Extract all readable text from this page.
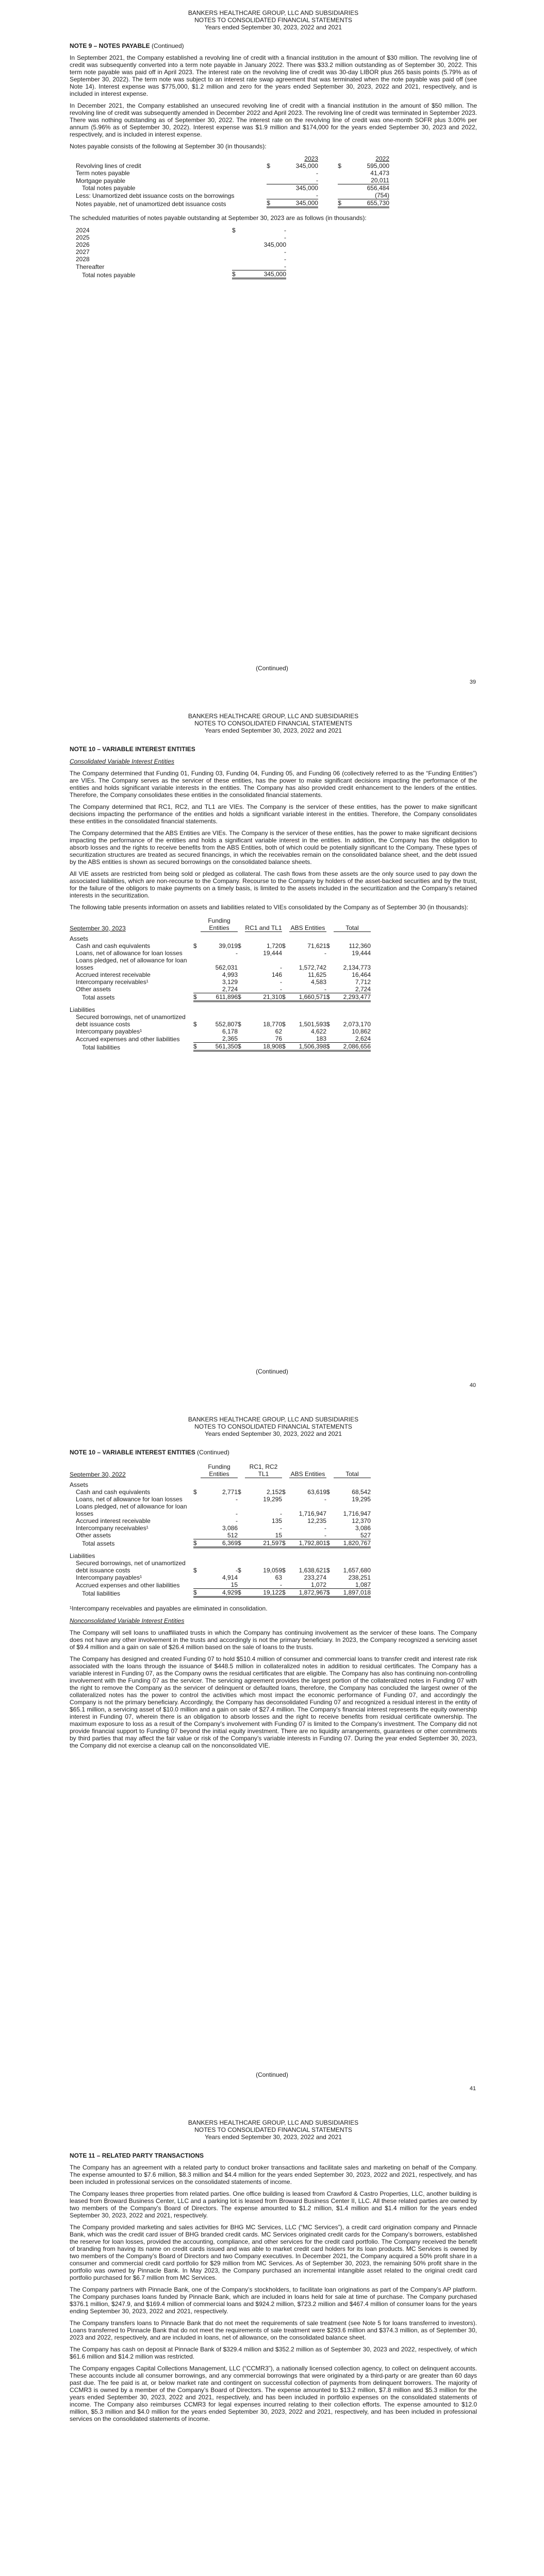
BANKERS HEALTHCARE GROUP, LLC AND SUBSIDIARIES
NOTES TO CONSOLIDATED FINANCIAL STATEMENTS
Years ended September 30, 2023, 2022 and 2021
NOTE 9 – NOTES PAYABLE (Continued)

In September 2021, the Company established a revolving line of credit with a financial institution in the amount of $30 million. The revolving line of credit was subsequently converted into a term note payable in January 2022. There was $33.2 million outstanding as of September 30, 2022. This term note payable was paid off in April 2023. The interest rate on the revolving line of credit was 30-day LIBOR plus 265 basis points (5.79% as of September 30, 2022). The term note was subject to an interest rate swap agreement that was terminated when the note payable was paid off (see Note 14). Interest expense was $775,000, $1.2 million and zero for the years ended September 30, 2023, 2022 and 2021, respectively, and is included in interest expense.

In December 2021, the Company established an unsecured revolving line of credit with a financial institution in the amount of $50 million. The revolving line of credit was subsequently amended in December 2022 and April 2023. The revolving line of credit was terminated in September 2023. There was nothing outstanding as of September 30, 2022. The interest rate on the revolving line of credit was one-month SOFR plus 3.00% per annum (5.96% as of September 30, 2022). Interest expense was $1.9 million and $174,000 for the years ended September 30, 2023 and 2022, respectively, and is included in interest expense.

Notes payable consists of the following at September 30 (in thousands):

		2023			2022
Revolving lines of credit	$	345,000		$	595,000
Term notes payable		-			41,473
Mortgage payable		-			20,011
Total notes payable		345,000			656,484
Less: Unamortized debt issuance costs on the borrowings		-			(754)
Notes payable, net of unamortized debt issuance costs	$	345,000		$	655,730

The scheduled maturities of notes payable outstanding at September 30, 2023 are as follows (in thousands):

2024	$	-
2025		-
2026		345,000
2027		-
2028		-
Thereafter		-
Total notes payable	$	345,000
(Continued)
39
BANKERS HEALTHCARE GROUP, LLC AND SUBSIDIARIES
NOTES TO CONSOLIDATED FINANCIAL STATEMENTS
Years ended September 30, 2023, 2022 and 2021
NOTE 10 – VARIABLE INTEREST ENTITIES
Consolidated Variable Interest Entities

The Company determined that Funding 01, Funding 03, Funding 04, Funding 05, and Funding 06 (collectively referred to as the “Funding Entities”) are VIEs. The Company serves as the servicer of these entities, has the power to make significant decisions impacting the performance of the entities and holds significant variable interests in the entities. The Company has also provided credit enhancement to the lenders of the entities. Therefore, the Company consolidates these entities in the consolidated financial statements.

The Company determined that RC1, RC2, and TL1 are VIEs. The Company is the servicer of these entities, has the power to make significant decisions impacting the performance of the entities and holds a significant variable interest in the entities. Therefore, the Company consolidates these entities in the consolidated financial statements.

The Company determined that the ABS Entities are VIEs. The Company is the servicer of these entities, has the power to make significant decisions impacting the performance of the entities and holds a significant variable interest in the entities. In addition, the Company has the obligation to absorb losses and the rights to receive benefits from the ABS Entities, both of which could be potentially significant to the Company. These types of securitization structures are treated as secured financings, in which the receivables remain on the consolidated balance sheet, and the debt issued by the ABS entities is shown as secured borrowings on the consolidated balance sheets.

All VIE assets are restricted from being sold or pledged as collateral. The cash flows from these assets are the only source used to pay down the associated liabilities, which are non-recourse to the Company. Recourse to the Company by holders of the asset-backed securities and by the trust, for the failure of the obligors to make payments on a timely basis, is limited to the assets included in the securitization and the Company’s retained interests in the securitization.

The following table presents information on assets and liabilities related to VIEs consolidated by the Company as of September 30 (in thousands):

September 30, 2023		Funding Entities		RC1 and TL1		ABS Entities		Total	
Assets									
Cash and cash equivalents	$	39,019	$	1,720	$	71,621	$	112,360	
Loans, net of allowance for loan losses		-		19,444		-		19,444	
Loans pledged, net of allowance for loan losses		562,031		-		1,572,742		2,134,773	
Accrued interest receivable		4,993		146		11,625		16,464	
Intercompany receivables¹		3,129		-		4,583		7,712	
Other assets		2,724		-		-		2,724	
Total assets	$	611,896	$	21,310	$	1,660,571	$	2,293,477	
Liabilities									
Secured borrowings, net of unamortized debt issuance costs	$	552,807	$	18,770	$	1,501,593	$	2,073,170	
Intercompany payables¹		6,178		62		4,622		10,862	
Accrued expenses and other liabilities		2,365		76		183		2,624	
Total liabilities	$	561,350	$	18,908	$	1,506,398	$	2,086,656	
(Continued)
40
BANKERS HEALTHCARE GROUP, LLC AND SUBSIDIARIES
NOTES TO CONSOLIDATED FINANCIAL STATEMENTS
Years ended September 30, 2023, 2022 and 2021
NOTE 10 – VARIABLE INTEREST ENTITIES (Continued)
September 30, 2022		Funding Entities		RC1, RC2 TL1		ABS Entities		Total	
Assets									
Cash and cash equivalents	$	2,771	$	2,152	$	63,619	$	68,542	
Loans, net of allowance for loan losses		-		19,295		-		19,295	
Loans pledged, net of allowance for loan losses		-		-		1,716,947		1,716,947	
Accrued interest receivable		-		135		12,235		12,370	
Intercompany receivables¹		3,086		-		-		3,086	
Other assets		512		15		-		527	
Total assets	$	6,369	$	21,597	$	1,792,801	$	1,820,767	
Liabilities									
Secured borrowings, net of unamortized debt issuance costs	$	-	$	19,059	$	1,638,621	$	1,657,680	
Intercompany payables¹		4,914		63		233,274		238,251	
Accrued expenses and other liabilities		15		-		1,072		1,087	
Total liabilities	$	4,929	$	19,122	$	1,872,967	$	1,897,018	

¹Intercompany receivables and payables are eliminated in consolidation.

Nonconsolidated Variable Interest Entities

The Company will sell loans to unaffiliated trusts in which the Company has continuing involvement as the servicer of these loans. The Company does not have any other involvement in the trusts and accordingly is not the primary beneficiary. In 2023, the Company recognized a servicing asset of $9.4 million and a gain on sale of $26.4 million based on the sale of loans to the trusts.

The Company has designed and created Funding 07 to hold $510.4 million of consumer and commercial loans to transfer credit and interest rate risk associated with the loans through the issuance of $448.5 million in collateralized notes in addition to residual certificates. The Company has a variable interest in Funding 07, as the Company owns the residual certificates that are eligible. The Company has also has continuing non-controlling involvement with the Funding 07 as the servicer. The servicing agreement provides the largest portion of the collateralized notes in Funding 07 with the right to remove the Company as the servicer of delinquent or defaulted loans, therefore, the Company has concluded the largest owner of the collateralized notes has the power to control the activities which most impact the economic performance of Funding 07, and accordingly the Company is not the primary beneficiary. Accordingly, the Company has deconsolidated Funding 07 and recognized a residual interest in the entity of $65.1 million, a servicing asset of $10.0 million and a gain on sale of $27.4 million. The Company’s financial interest represents the equity ownership interest in Funding 07, wherein there is an obligation to absorb losses and the right to receive benefits from residual certificate ownership. The maximum exposure to loss as a result of the Company’s involvement with Funding 07 is limited to the Company’s investment. The Company did not provide financial support to Funding 07 beyond the initial equity investment. There are no liquidity arrangements, guarantees or other commitments by third parties that may affect the fair value or risk of the Company’s variable interests in Funding 07. During the year ended September 30, 2023, the Company did not exercise a cleanup call on the nonconsolidated VIE.

(Continued)
41
BANKERS HEALTHCARE GROUP, LLC AND SUBSIDIARIES
NOTES TO CONSOLIDATED FINANCIAL STATEMENTS
Years ended September 30, 2023, 2022 and 2021
NOTE 11 – RELATED PARTY TRANSACTIONS

The Company has an agreement with a related party to conduct broker transactions and facilitate sales and marketing on behalf of the Company. The expense amounted to $7.6 million, $8.3 million and $4.4 million for the years ended September 30, 2023, 2022 and 2021, respectively, and has been included in professional services on the consolidated statements of income.

The Company leases three properties from related parties. One office building is leased from Crawford & Castro Properties, LLC, another building is leased from Broward Business Center, LLC and a parking lot is leased from Broward Business Center II, LLC. All these related parties are owned by two members of the Company’s Board of Directors. The expense amounted to $1.2 million, $1.4 million and $1.4 million for the years ended September 30, 2023, 2022 and 2021, respectively.

The Company provided marketing and sales activities for BHG MC Services, LLC (“MC Services”), a credit card origination company and Pinnacle Bank, which was the credit card issuer of BHG branded credit cards. MC Services originated credit cards for the Company’s borrowers, established the reserve for loan losses, provided the accounting, compliance, and other services for the credit card portfolio. The Company received the benefit of branding from having its name on credit cards issued and was able to market credit card holders for its loan products. MC Services is owned by two members of the Company’s Board of Directors and two Company executives. In December 2021, the Company acquired a 50% profit share in a consumer and commercial credit card portfolio for $29 million from MC Services. As of September 30, 2023, the remaining 50% profit share in the portfolio was owned by Pinnacle Bank. In May 2023, the Company purchased an incremental intangible asset related to the original credit card portfolio purchased for $6.7 million from MC Services.

The Company partners with Pinnacle Bank, one of the Company’s stockholders, to facilitate loan originations as part of the Company’s AP platform. The Company purchases loans funded by Pinnacle Bank, which are included in loans held for sale at time of purchase. The Company purchased $376.1 million, $247.9, and $169.4 million of commercial loans and $924.2 million, $723.2 million and $467.4 million of consumer loans for the years ending September 30, 2023, 2022 and 2021, respectively.

The Company transfers loans to Pinnacle Bank that do not meet the requirements of sale treatment (see Note 5 for loans transferred to investors). Loans transferred to Pinnacle Bank that do not meet the requirements of sale treatment were $293.6 million and $374.3 million, as of September 30, 2023 and 2022, respectively, and are included in loans, net of allowance, on the consolidated balance sheet.

The Company has cash on deposit at Pinnacle Bank of $329.4 million and $352.2 million as of September 30, 2023 and 2022, respectively, of which $61.6 million and $14.2 million was restricted.

The Company engages Capital Collections Management, LLC (“CCMR3”), a nationally licensed collection agency, to collect on delinquent accounts. These accounts include all consumer borrowings, and any commercial borrowings that were originated by a third-party or are greater than 60 days past due. The fee paid is at, or below market rate and contingent on successful collection of payments from delinquent borrowers. The majority of CCMR3 is owned by a member of the Company’s Board of Directors. The expense amounted to $13.2 million, $7.8 million and $5.3 million for the years ended September 30, 2023, 2022 and 2021, respectively, and has been included in portfolio expenses on the consolidated statements of income. The Company also reimburses CCMR3 for legal expenses incurred relating to their collection efforts. The expense amounted to $12.0 million, $5.3 million and $4.0 million for the years ended September 30, 2023, 2022 and 2021, respectively, and has been included in professional services on the consolidated statements of income.
